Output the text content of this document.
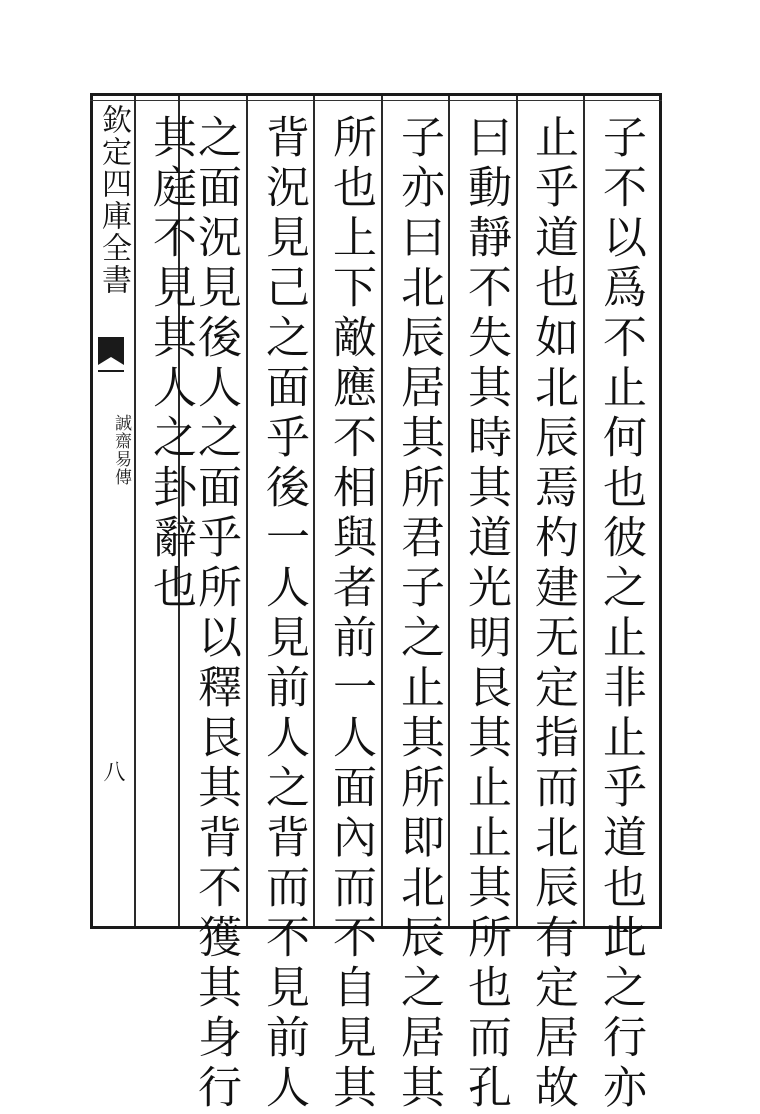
欽定四庫全書
誠齋易傳
八	子不以爲不止何也彼之止非止乎道也此之行亦
止乎道也如北辰焉杓建无定指而北辰有定居故
曰動靜不失其時其道光明艮其止止其所也而孔
子亦曰北辰居其所君子之止其所即北辰之居其
所也上下敵應不相與者前一人面內而不自見其
背況見己之面乎後一人見前人之背而不見前人
之面況見後人之面乎所以釋艮其背不獲其身行
其庭不見其人之卦辭也
